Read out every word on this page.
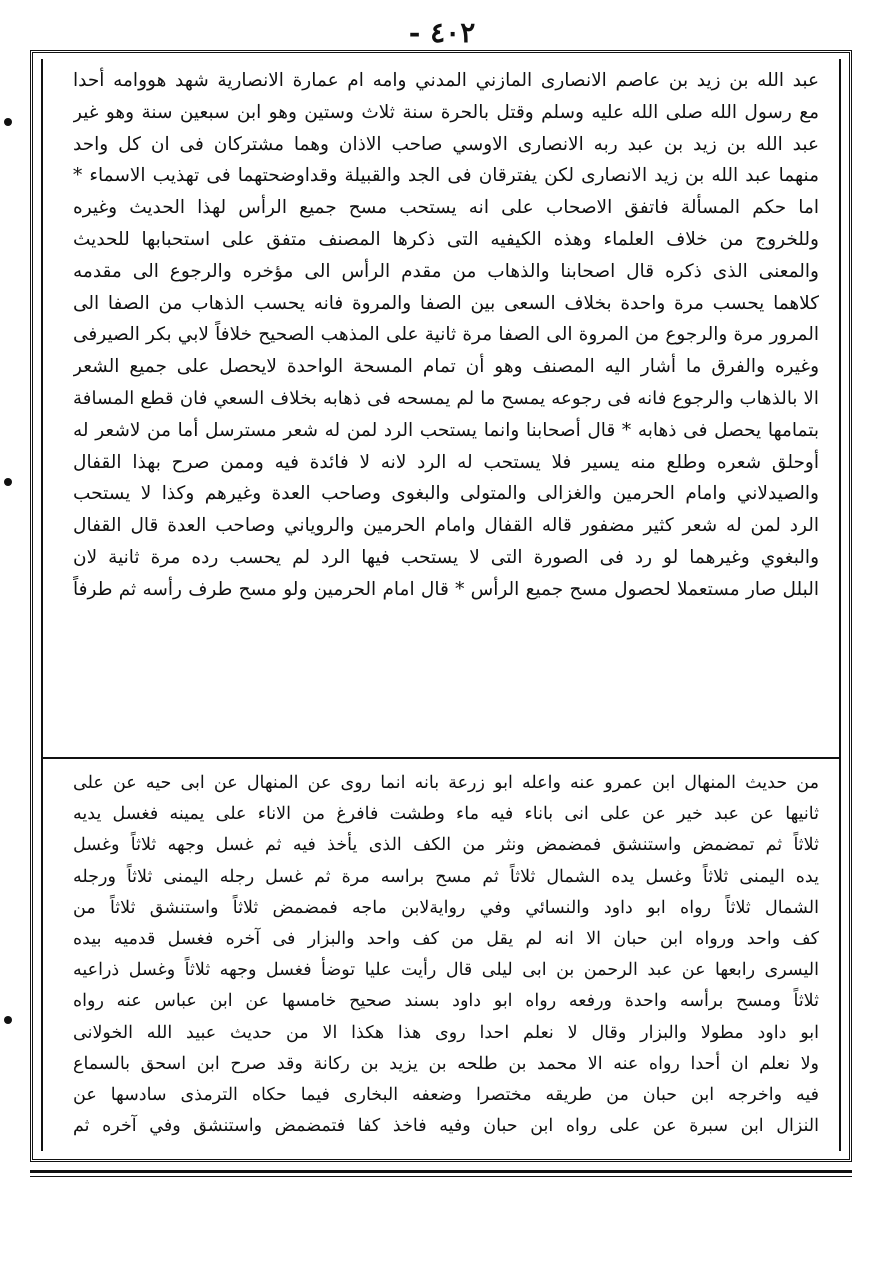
٤٠٢ -
عبد الله بن زيد بن عاصم الانصارى المازني المدني وامه ام عمارة الانصارية شهد هووامه أحدا
مع رسول الله صلى الله عليه وسلم وقتل بالحرة سنة ثلاث وستين وهو ابن سبعين سنة وهو غير
عبد الله بن زيد بن عبد ربه الانصارى الاوسي صاحب الاذان وهما مشتركان فى ان كل واحد
منهما عبد الله بن زيد الانصارى لكن يفترقان فى الجد والقبيلة وقداوضحتهما فى تهذيب الاسماء *
اما حكم المسألة فاتفق الاصحاب على انه يستحب مسح جميع الرأس لهذا الحديث وغيره
وللخروج من خلاف العلماء وهذه الكيفيه التى ذكرها المصنف متفق على استحبابها للحديث
والمعنى الذى ذكره قال اصحابنا والذهاب من مقدم الرأس الى مؤخره والرجوع الى مقدمه
كلاهما يحسب مرة واحدة بخلاف السعى بين الصفا والمروة فانه يحسب الذهاب من الصفا الى
المرور مرة والرجوع من المروة الى الصفا مرة ثانية على المذهب الصحيح خلافاً لابي بكر الصيرفى
وغيره والفرق ما أشار اليه المصنف وهو أن تمام المسحة الواحدة لايحصل على جميع الشعر
الا بالذهاب والرجوع فانه فى رجوعه يمسح ما لم يمسحه فى ذهابه بخلاف السعي فان قطع المسافة
بتمامها يحصل فى ذهابه * قال أصحابنا وانما يستحب الرد لمن له شعر مسترسل أما من لاشعر له
أوحلق شعره وطلع منه يسير فلا يستحب له الرد لانه لا فائدة فيه وممن صرح بهذا القفال
والصيدلاني وامام الحرمين والغزالى والمتولى والبغوى وصاحب العدة وغيرهم وكذا لا يستحب
الرد لمن له شعر كثير مضفور قاله القفال وامام الحرمين والروياني وصاحب العدة قال القفال
والبغوي وغيرهما لو رد فى الصورة التى لا يستحب فيها الرد لم يحسب رده مرة ثانية لان
البلل صار مستعملا لحصول مسح جميع الرأس * قال امام الحرمين ولو مسح طرف رأسه ثم طرفاً
من حديث المنهال ابن عمرو عنه واعله ابو زرعة بانه انما روى عن المنهال عن ابى حيه عن على
ثانيها عن عبد خير عن على انى باناء فيه ماء وطشت فافرغ من الاناء على يمينه فغسل يديه
ثلاثاً ثم تمضمض واستنشق فمضمض ونثر من الكف الذى يأخذ فيه ثم غسل وجهه ثلاثاً وغسل
يده اليمنى ثلاثاً وغسل يده الشمال ثلاثاً ثم مسح براسه مرة ثم غسل رجله اليمنى ثلاثاً ورجله
الشمال ثلاثاً رواه ابو داود والنسائي وفي روايةلابن ماجه فمضمض ثلاثاً واستنشق ثلاثاً من
كف واحد ورواه ابن حبان الا انه لم يقل من كف واحد والبزار فى آخره فغسل قدميه بيده
اليسرى رابعها عن عبد الرحمن بن ابى ليلى قال رأيت عليا توضأ فغسل وجهه ثلاثاً وغسل ذراعيه
ثلاثاً ومسح برأسه واحدة ورفعه رواه ابو داود بسند صحيح خامسها عن ابن عباس عنه رواه
ابو داود مطولا والبزار وقال لا نعلم احدا روى هذا هكذا الا من حديث عبيد الله الخولانى
ولا نعلم ان أحدا رواه عنه الا محمد بن طلحه بن يزيد بن ركانة وقد صرح ابن اسحق بالسماع
فيه واخرجه ابن حبان من طريقه مختصرا وضعفه البخارى فيما حكاه الترمذى سادسها عن
النزال ابن سبرة عن على رواه ابن حبان وفيه فاخذ كفا فتمضمض واستنشق وفي آخره ثم
